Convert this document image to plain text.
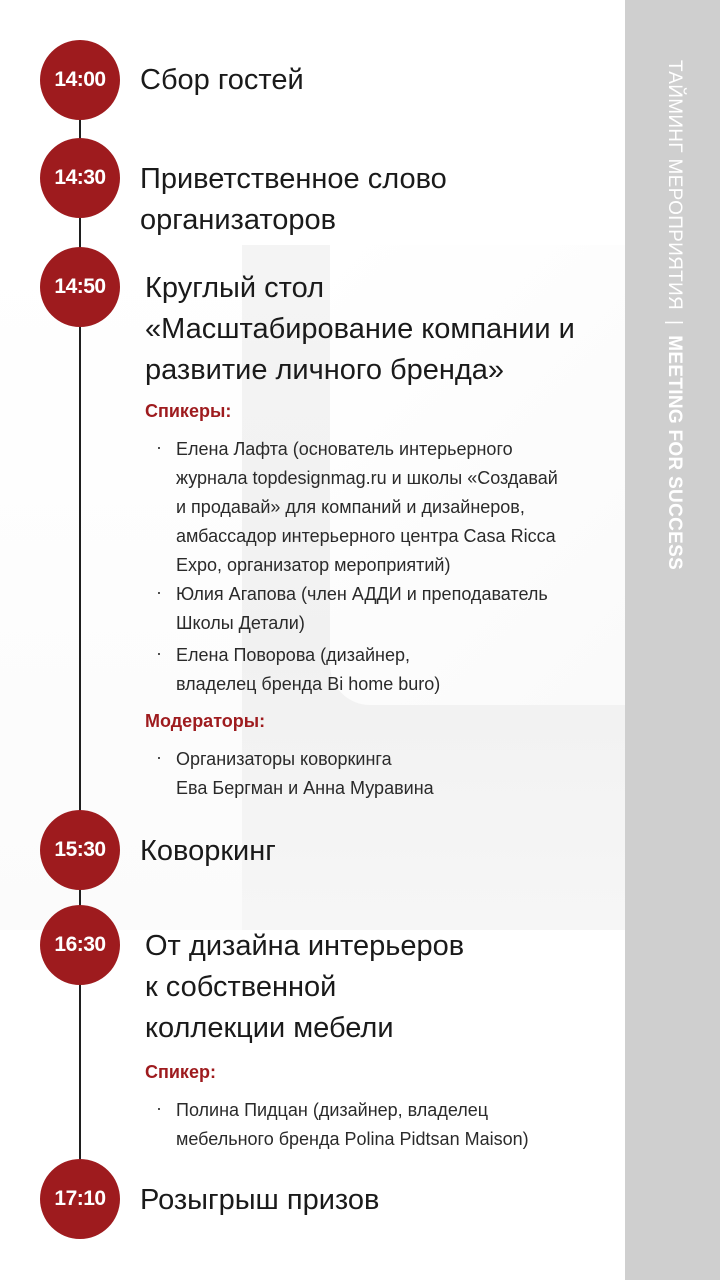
ТАЙМИНГ МЕРОПРИЯТИЯ|MEETING FOR SUCCESS
14:00	Сбор гостей
14:30	Приветственное слово
организаторов
14:50	Круглый стол
«Масштабирование компании и
развитие личного бренда»
Спикеры:
· Елена Лафта (основатель интерьерного
журнала topdesignmag.ru и школы «Создавай
и продавай» для компаний и дизайнеров,
амбассадор интерьерного центра Casa Ricca
Expo, организатор мероприятий)
· Юлия Агапова (член АДДИ и преподаватель
Школы Детали)
· Елена Поворова (дизайнер,
владелец бренда Bi home buro)
Модераторы:
· Организаторы коворкинга
Ева Бергман и Анна Муравина
15:30	Коворкинг
16:30	От дизайна интерьеров
к собственной
коллекции мебели
Спикер:
· Полина Пидцан (дизайнер, владелец
мебельного бренда Polina Pidtsan Maison)
17:10	Розыгрыш призов
